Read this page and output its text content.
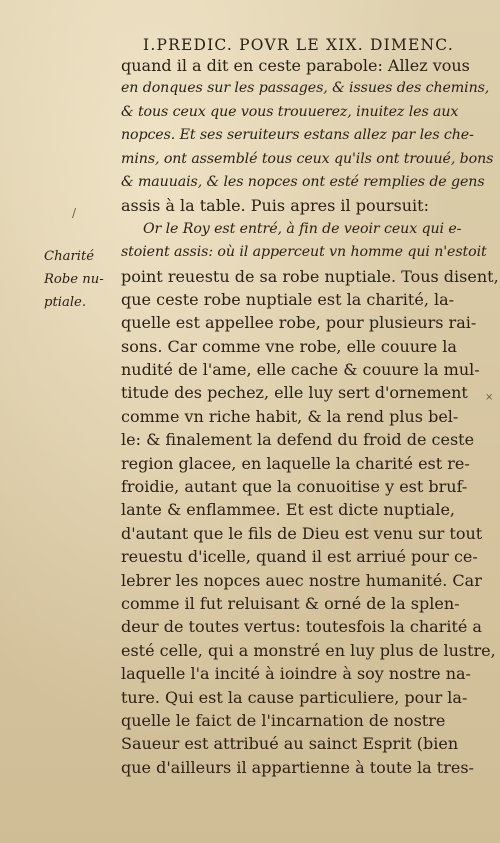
I.PREDIC. POVR LE XIX. DIMENC.
quand il a dit en ceste parabole: Allez vous
en donques sur les passages, & issues des chemins,
& tous ceux que vous trouuerez, inuitez les aux
nopces. Et ses seruiteurs estans allez par les che-
mins, ont assemblé tous ceux qu'ils ont trouué, bons
& mauuais, & les nopces ont esté remplies de gens
assis à la table. Puis apres il poursuit:
Or le Roy est entré, à fin de veoir ceux qui e-
stoient assis: où il apperceut vn homme qui n'estoit
point reuestu de sa robe nuptiale. Tous disent,
que ceste robe nuptiale est la charité, la-
quelle est appellee robe, pour plusieurs rai-
sons. Car comme vne robe, elle couure la
nudité de l'ame, elle cache & couure la mul-
titude des pechez, elle luy sert d'ornement
comme vn riche habit, & la rend plus bel-
le: & finalement la defend du froid de ceste
region glacee, en laquelle la charité est re-
froidie, autant que la conuoitise y est bruf-
lante & enflammee. Et est dicte nuptiale,
d'autant que le fils de Dieu est venu sur tout
reuestu d'icelle, quand il est arriué pour ce-
lebrer les nopces auec nostre humanité. Car
comme il fut reluisant & orné de la splen-
deur de toutes vertus: toutesfois la charité a
esté celle, qui a monstré en luy plus de lustre,
laquelle l'a incité à ioindre à soy nostre na-
ture. Qui est la cause particuliere, pour la-
quelle le faict de l'incarnation de nostre
Saueur est attribué au sainct Esprit (bien
que d'ailleurs il appartienne à toute la tres-
Charité
Robe nu-
ptiale.
/
×
